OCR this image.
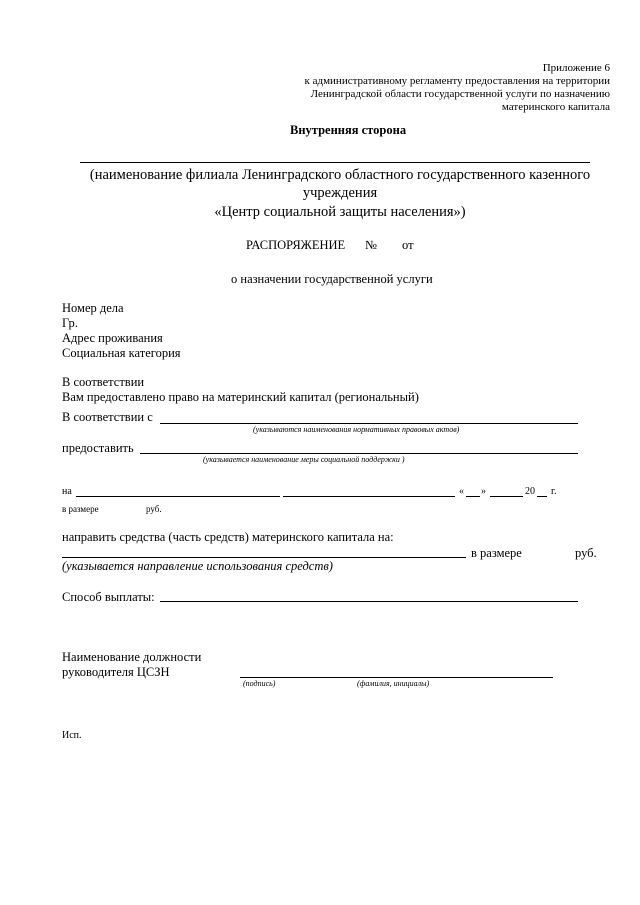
Приложение 6
к административному регламенту предоставления на территории
Ленинградской области государственной услуги по назначению
материнского капитала
Внутренняя сторона
(наименование филиала Ленинградского областного государственного казенного
учреждения
«Центр социальной защиты населения»)
РАСПОРЯЖЕНИЕ № от
о назначении государственной услуги
Номер дела
Гр.
Адрес проживания
Социальная категория
В соответствии
Вам предоставлено право на материнский капитал (региональный)
В соответствии с
(указываются наименования нормативных правовых актов)
предоставить
(указывается наименование меры социальной поддержки )
на	« »	20 г.
в размере	руб.
направить средства (часть средств) материнского капитала на:
в размере	руб.
(указывается направление использования средств)
Способ выплаты:
Наименование должности
руководителя ЦСЗН
(подпись)	(фамилия, инициалы)
Исп.
